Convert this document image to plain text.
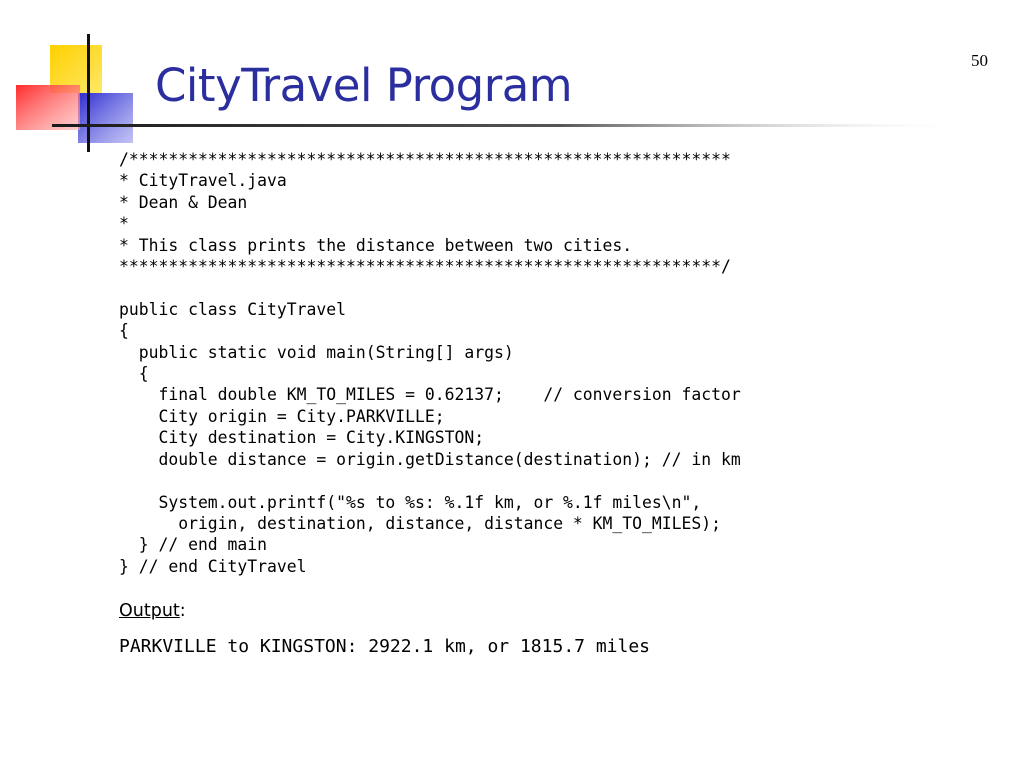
50
CityTravel Program
/*************************************************************
* CityTravel.java
* Dean & Dean
*
* This class prints the distance between two cities.
*************************************************************/

public class CityTravel
{
public static void main(String[] args)
{
final double KM_TO_MILES = 0.62137;    // conversion factor
City origin = City.PARKVILLE;
City destination = City.KINGSTON;
double distance = origin.getDistance(destination); // in km

System.out.printf("%s to %s: %.1f km, or %.1f miles\n",
origin, destination, distance, distance * KM_TO_MILES);
} // end main
} // end CityTravel
Output:
PARKVILLE to KINGSTON: 2922.1 km, or 1815.7 miles
